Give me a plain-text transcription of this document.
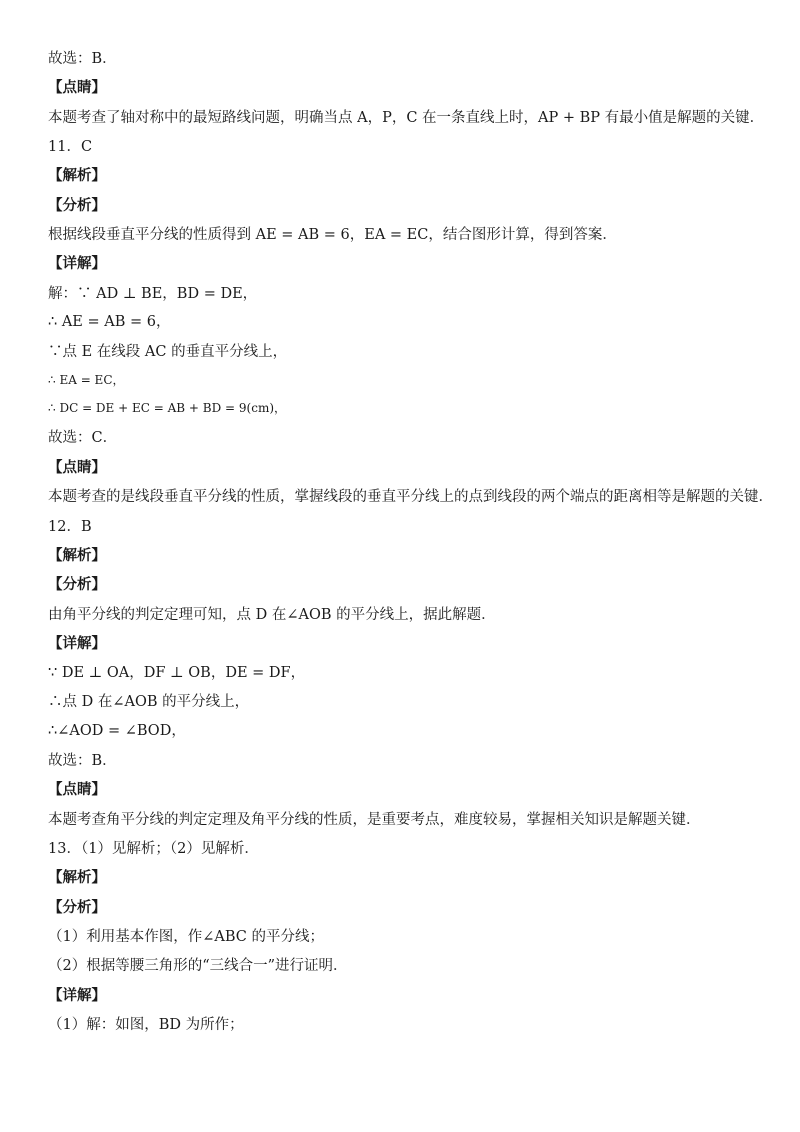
故选：B．
【点睛】
本题考查了轴对称中的最短路线问题，明确当点 A，P，C 在一条直线上时，AP + BP 有最小值是解题的关键．
11．C
【解析】
【分析】
根据线段垂直平分线的性质得到 AE = AB = 6，EA = EC，结合图形计算，得到答案．
【详解】
解：∵ AD ⊥ BE，BD = DE，
∴ AE = AB = 6，
∵点 E 在线段 AC 的垂直平分线上，
∴ EA = EC，
∴ DC = DE + EC = AB + BD = 9(cm)，
故选：C．
【点睛】
本题考查的是线段垂直平分线的性质，掌握线段的垂直平分线上的点到线段的两个端点的距离相等是解题的关键．
12．B
【解析】
【分析】
由角平分线的判定定理可知，点 D 在∠AOB 的平分线上，据此解题．
【详解】
∵ DE ⊥ OA，DF ⊥ OB，DE = DF，
∴点 D 在∠AOB 的平分线上，
∴∠AOD = ∠BOD，
故选：B．
【点睛】
本题考查角平分线的判定定理及角平分线的性质，是重要考点，难度较易，掌握相关知识是解题关键．
13．（1）见解析；（2）见解析．
【解析】
【分析】
（1）利用基本作图，作∠ABC 的平分线；
（2）根据等腰三角形的“三线合一”进行证明．
【详解】
（1）解：如图，BD 为所作；
